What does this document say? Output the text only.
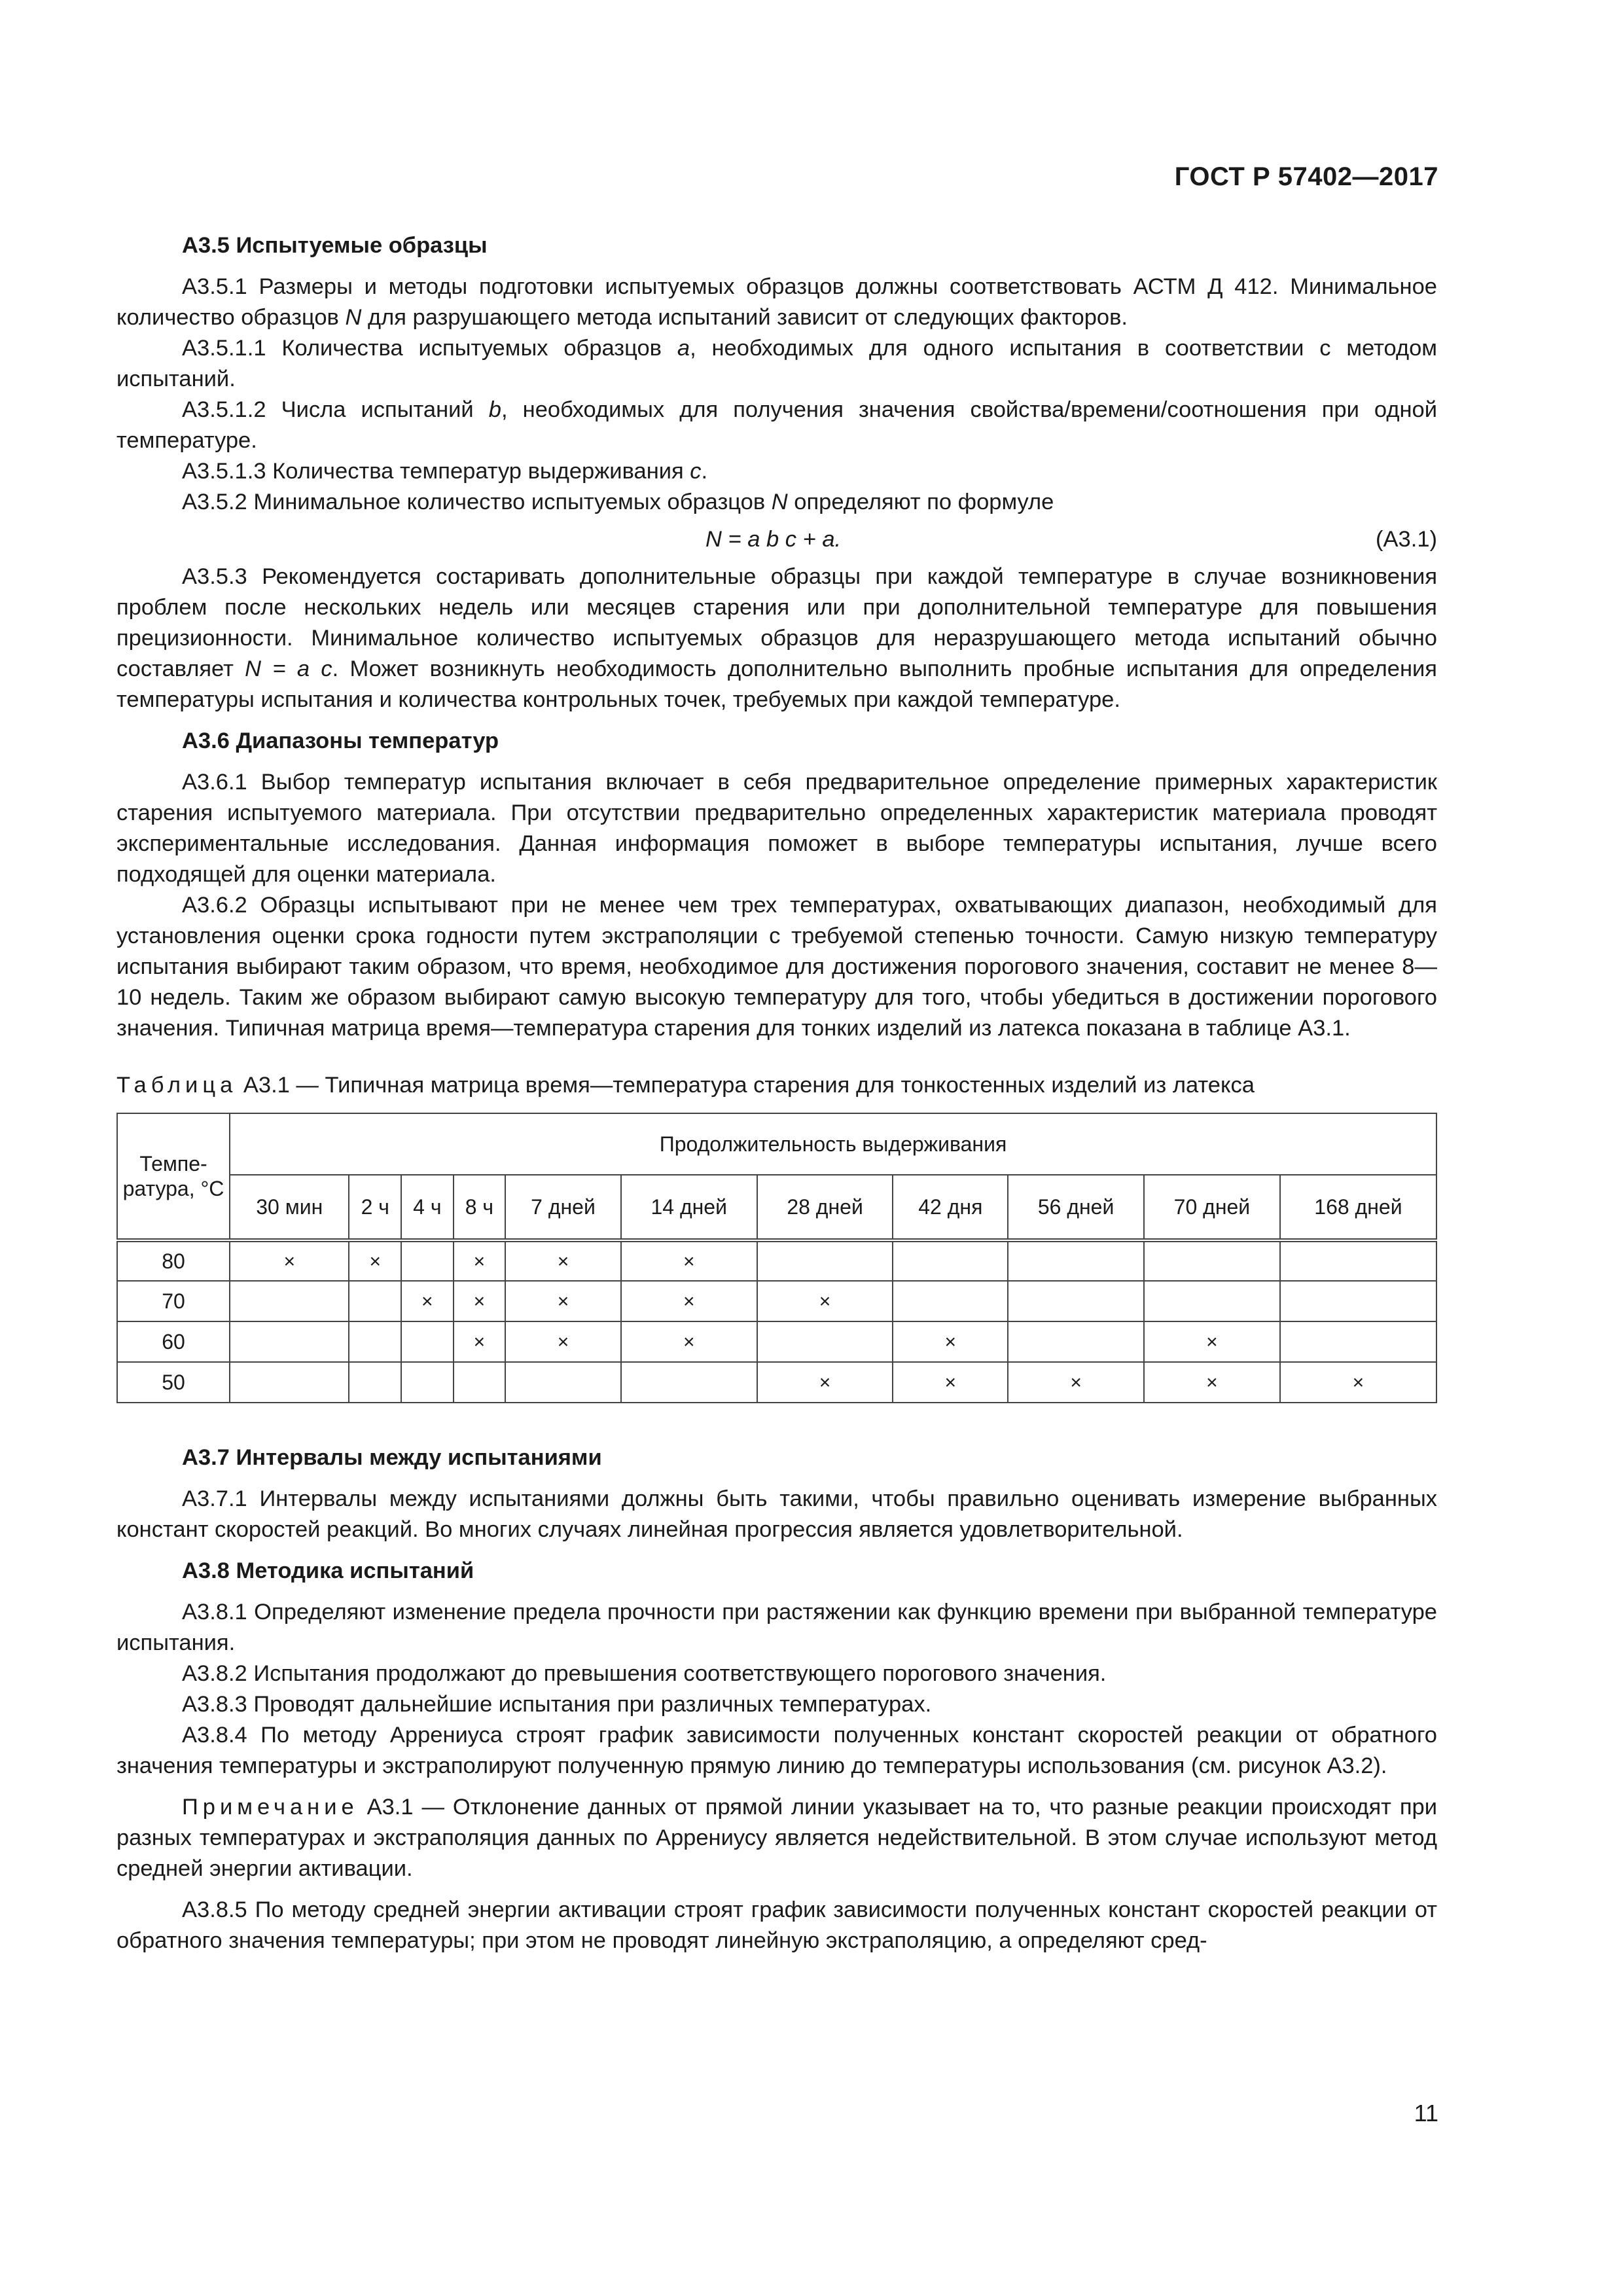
ГОСТ Р 57402—2017
А3.5 Испытуемые образцы

А3.5.1 Размеры и методы подготовки испытуемых образцов должны соответствовать АСТМ Д 412. Минимальное количество образцов N для разрушающего метода испытаний зависит от следующих факторов.

А3.5.1.1 Количества испытуемых образцов а, необходимых для одного испытания в соответствии с методом испытаний.

А3.5.1.2 Числа испытаний b, необходимых для получения значения свойства/времени/соотношения при одной температуре.

А3.5.1.3 Количества температур выдерживания с.

А3.5.2 Минимальное количество испытуемых образцов N определяют по формуле

N = a b c + a.	(А3.1)

А3.5.3 Рекомендуется состаривать дополнительные образцы при каждой температуре в случае возникновения проблем после нескольких недель или месяцев старения или при дополнительной температуре для повышения прецизионности. Минимальное количество испытуемых образцов для неразрушающего метода испытаний обычно составляет N = a c. Может возникнуть необходимость дополнительно выполнить пробные испытания для определения температуры испытания и количества контрольных точек, требуемых при каждой температуре.

А3.6 Диапазоны температур

А3.6.1 Выбор температур испытания включает в себя предварительное определение примерных характеристик старения испытуемого материала. При отсутствии предварительно определенных характеристик материала проводят экспериментальные исследования. Данная информация поможет в выборе температуры испытания, лучше всего подходящей для оценки материала.

А3.6.2 Образцы испытывают при не менее чем трех температурах, охватывающих диапазон, необходимый для установления оценки срока годности путем экстраполяции с требуемой степенью точности. Самую низкую температуру испытания выбирают таким образом, что время, необходимое для достижения порогового значения, составит не менее 8—10 недель. Таким же образом выбирают самую высокую температуру для того, чтобы убедиться в достижении порогового значения. Типичная матрица время—температура старения для тонких изделий из латекса показана в таблице А3.1.

Таблица А3.1 — Типичная матрица время—температура старения для тонкостенных изделий из латекса
Темпе-ратура, °С	Продолжительность выдерживания										
	30 мин	2 ч	4 ч	8 ч	7 дней	14 дней	28 дней	42 дня	56 дней	70 дней	168 дней
80	×	×		×	×	×					
70			×	×	×	×	×				
60				×	×	×		×		×	
50							×	×	×	×	×
А3.7 Интервалы между испытаниями

А3.7.1 Интервалы между испытаниями должны быть такими, чтобы правильно оценивать измерение выбранных констант скоростей реакций. Во многих случаях линейная прогрессия является удовлетворительной.

А3.8 Методика испытаний

А3.8.1 Определяют изменение предела прочности при растяжении как функцию времени при выбранной температуре испытания.

А3.8.2 Испытания продолжают до превышения соответствующего порогового значения.

А3.8.3 Проводят дальнейшие испытания при различных температурах.

А3.8.4 По методу Аррениуса строят график зависимости полученных констант скоростей реакции от обратного значения температуры и экстраполируют полученную прямую линию до температуры использования (см. рисунок А3.2).

Примечание А3.1 — Отклонение данных от прямой линии указывает на то, что разные реакции происходят при разных температурах и экстраполяция данных по Аррениусу является недействительной. В этом случае используют метод средней энергии активации.

А3.8.5 По методу средней энергии активации строят график зависимости полученных констант скоростей реакции от обратного значения температуры; при этом не проводят линейную экстраполяцию, а определяют сред-

11
